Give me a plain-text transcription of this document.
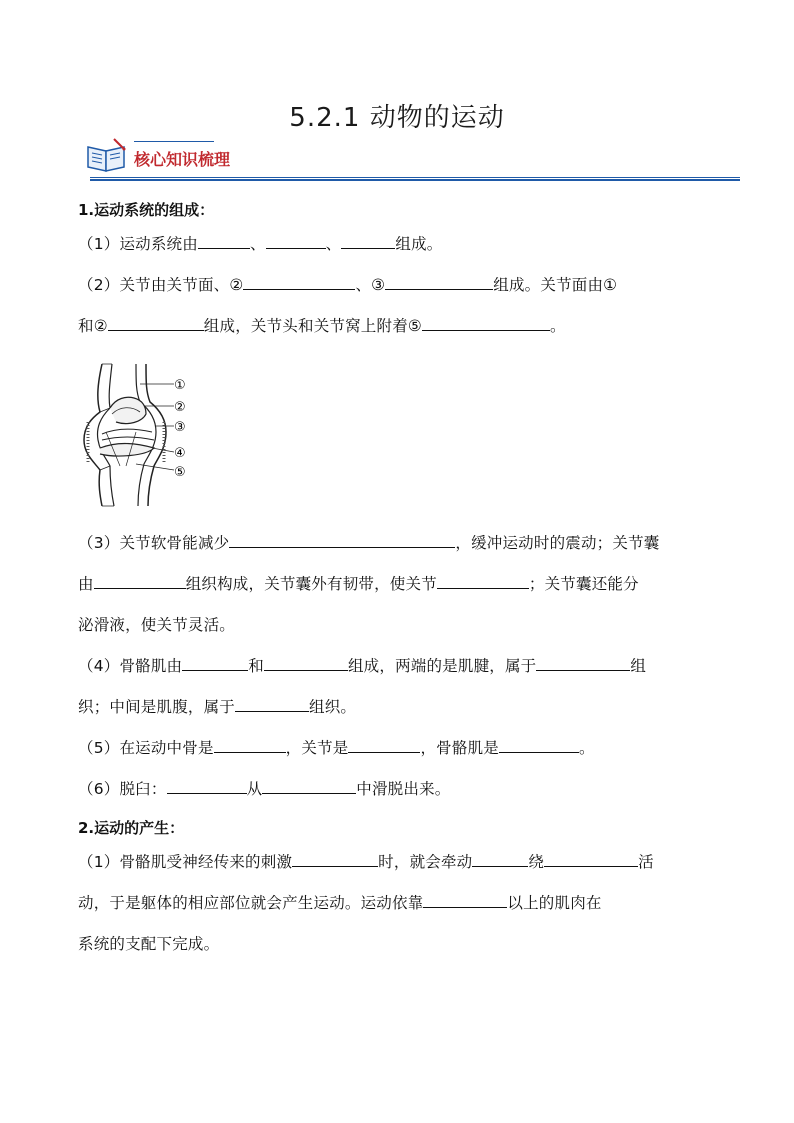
5.2.1 动物的运动
核心知识梳理

1.运动系统的组成：

（1）运动系统由	、	、	组成。

（2）关节由关节面、②	、③	组成。关节面由①
和②	组成，关节头和关节窝上附着⑤	。

（3）关节软骨能减少	，缓冲运动时的震动；关节囊
由	组织构成，关节囊外有韧带，使关节	；关节囊还能分
泌滑液，使关节灵活。

（4）骨骼肌由	和	组成，两端的是肌腱，属于	组
织；中间是肌腹，属于	组织。

（5）在运动中骨是	，关节是	，骨骼肌是	。

（6）脱臼：	从	中滑脱出来。

2.运动的产生：

（1）骨骼肌受神经传来的刺激	时，就会牵动	绕	活
动，于是躯体的相应部位就会产生运动。运动依靠	以上的肌肉在
系统的支配下完成。

①
②
③
④
⑤
